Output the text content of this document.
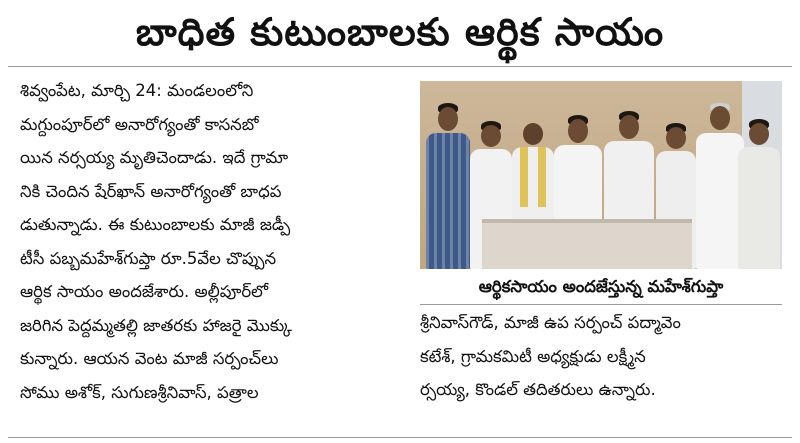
బాధిత కుటుంబాలకు ఆర్థిక సాయం
శివ్వంపేట, మార్చి 24: మండలంలోని
మగ్దుంపూర్‌లో అనారోగ్యంతో కాసనబో
యిన నర్సయ్య మృతిచెందాడు. ఇదే గ్రామా
నికి చెందిన షేర్‌ఖాన్ అనారోగ్యంతో బాధప
డుతున్నాడు. ఈ కుటుంబాలకు మాజీ జడ్పీ
టీసీ పబ్బమహేశ్‌గుప్తా రూ.5వేల చొప్పున
ఆర్థిక సాయం అందజేశారు. అల్లీపూర్‌లో
జరిగిన పెద్దమ్మతల్లి జాతరకు హాజరై మొక్కు
కున్నారు. ఆయన వెంట మాజీ సర్పంచ్‌లు
సోము అశోక్, సుగుణశ్రీనివాస్, పత్రాల
ఆర్థికసాయం అందజేస్తున్న మహేశ్‌గుప్తా
శ్రీనివాస్‌గౌడ్, మాజీ ఉప సర్పంచ్ పద్మావెం
కటేశ్, గ్రామకమిటీ అధ్యక్షుడు లక్ష్మీన
ర్సయ్య, కొండల్ తదితరులు ఉన్నారు.
